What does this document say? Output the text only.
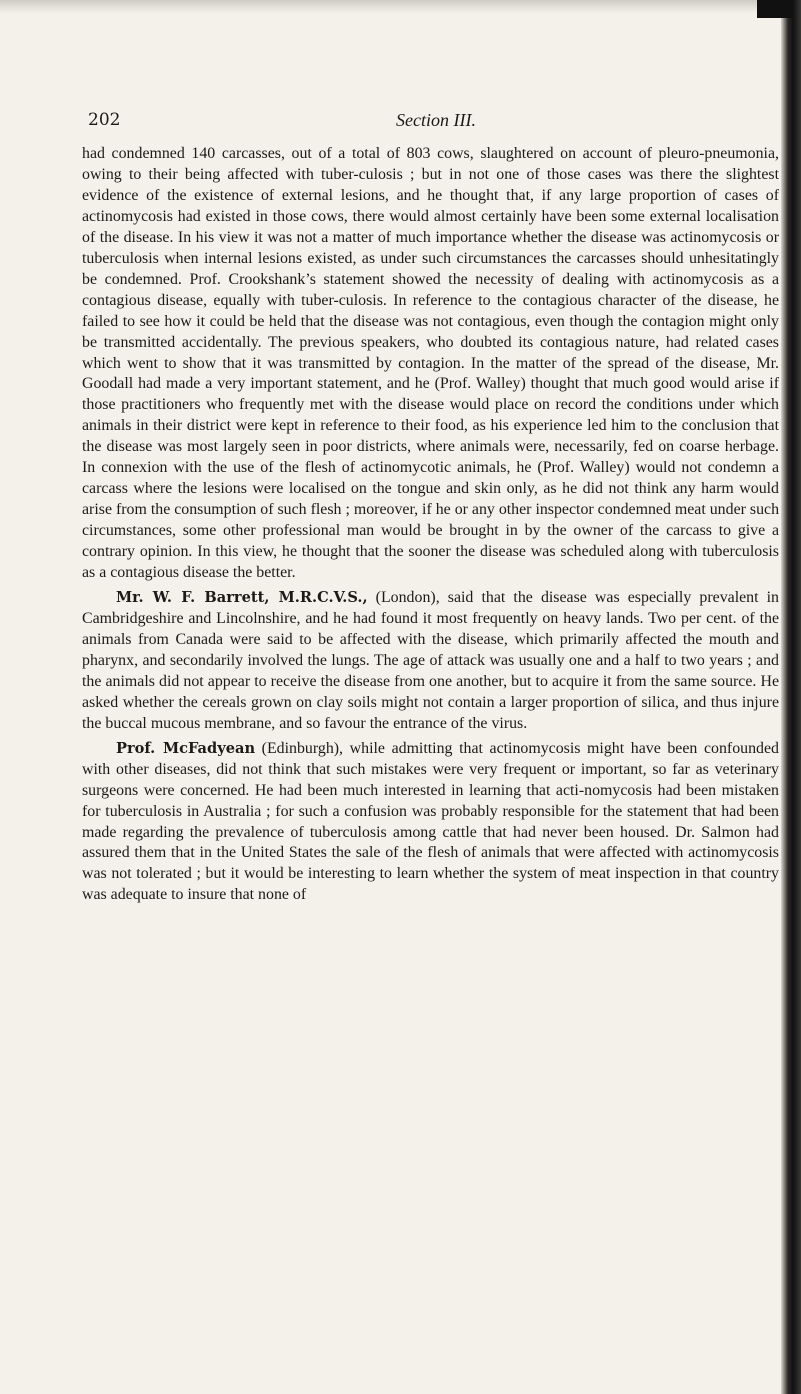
202	Section III.

had condemned 140 carcasses, out of a total of 803 cows, slaughtered on account of pleuro-pneumonia, owing to their being affected with tuber-culosis ; but in not one of those cases was there the slightest evidence of the existence of external lesions, and he thought that, if any large proportion of cases of actinomycosis had existed in those cows, there would almost certainly have been some external localisation of the disease. In his view it was not a matter of much importance whether the disease was actinomycosis or tuberculosis when internal lesions existed, as under such circumstances the carcasses should unhesitatingly be condemned. Prof. Crookshank’s statement showed the necessity of dealing with actinomycosis as a contagious disease, equally with tuber-culosis. In reference to the contagious character of the disease, he failed to see how it could be held that the disease was not contagious, even though the contagion might only be transmitted accidentally. The previous speakers, who doubted its contagious nature, had related cases which went to show that it was transmitted by contagion. In the matter of the spread of the disease, Mr. Goodall had made a very important statement, and he (Prof. Walley) thought that much good would arise if those practitioners who frequently met with the disease would place on record the conditions under which animals in their district were kept in reference to their food, as his experience led him to the conclusion that the disease was most largely seen in poor districts, where animals were, necessarily, fed on coarse herbage. In connexion with the use of the flesh of actinomycotic animals, he (Prof. Walley) would not condemn a carcass where the lesions were localised on the tongue and skin only, as he did not think any harm would arise from the consumption of such flesh ; moreover, if he or any other inspector condemned meat under such circumstances, some other professional man would be brought in by the owner of the carcass to give a contrary opinion. In this view, he thought that the sooner the disease was scheduled along with tuberculosis as a contagious disease the better.

Mr. W. F. Barrett, M.R.C.V.S., (London), said that the disease was especially prevalent in Cambridgeshire and Lincolnshire, and he had found it most frequently on heavy lands. Two per cent. of the animals from Canada were said to be affected with the disease, which primarily affected the mouth and pharynx, and secondarily involved the lungs. The age of attack was usually one and a half to two years ; and the animals did not appear to receive the disease from one another, but to acquire it from the same source. He asked whether the cereals grown on clay soils might not contain a larger proportion of silica, and thus injure the buccal mucous membrane, and so favour the entrance of the virus.

Prof. McFadyean (Edinburgh), while admitting that actinomycosis might have been confounded with other diseases, did not think that such mistakes were very frequent or important, so far as veterinary surgeons were concerned. He had been much interested in learning that acti-nomycosis had been mistaken for tuberculosis in Australia ; for such a confusion was probably responsible for the statement that had been made regarding the prevalence of tuberculosis among cattle that had never been housed. Dr. Salmon had assured them that in the United States the sale of the flesh of animals that were affected with actinomycosis was not tolerated ; but it would be interesting to learn whether the system of meat inspection in that country was adequate to insure that none of
